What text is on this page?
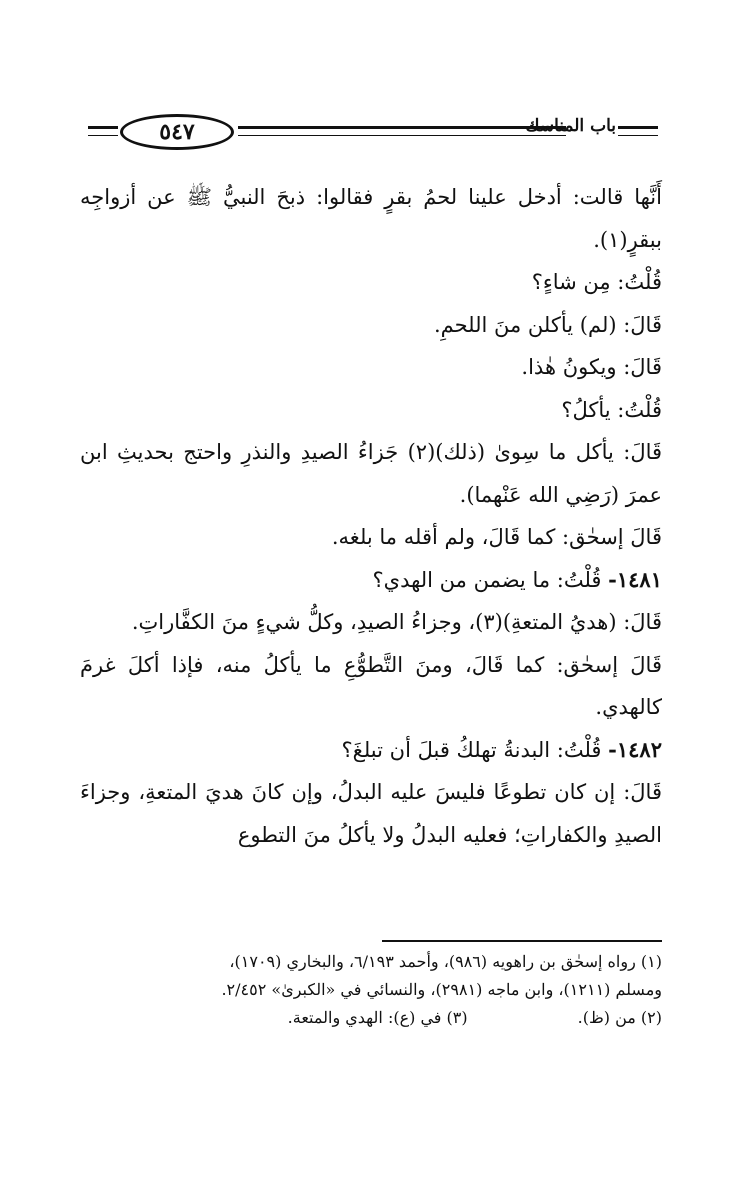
٥٤٧	باب المناسك

أَنَّها قالت: أدخل علينا لحمُ بقرٍ فقالوا: ذبحَ النبيُّ ﷺ عن أزواجِه ببقرٍ(١).

قُلْتُ: مِن شاءٍ؟

قَالَ: (لم) يأكلن منَ اللحمِ.

قَالَ: ويكونُ هٰذا.

قُلْتُ: يأكلُ؟

قَالَ: يأكل ما سِوىٰ (ذلك)(٢) جَزاءُ الصيدِ والنذرِ واحتج بحديثِ ابن عمرَ (رَضِي الله عَنْهما).

قَالَ إسحٰق: كما قَالَ، ولم أقله ما بلغه.

١٤٨١- قُلْتُ: ما يضمن من الهدي؟

قَالَ: (هديُ المتعةِ)(٣)، وجزاءُ الصيدِ، وكلُّ شيءٍ منَ الكفَّاراتِ.

قَالَ إسحٰق: كما قَالَ، ومنَ التَّطوُّعِ ما يأكلُ منه، فإذا أكلَ غرمَ كالهدي.

١٤٨٢- قُلْتُ: البدنةُ تهلكُ قبلَ أن تبلغَ؟

قَالَ: إن كان تطوعًا فليسَ عليه البدلُ، وإن كانَ هديَ المتعةِ، وجزاءَ الصيدِ والكفاراتِ؛ فعليه البدلُ ولا يأكلُ منَ التطوع

(١) رواه إسحٰق بن راهويه (٩٨٦)، وأحمد ٦/١٩٣، والبخاري (١٧٠٩)،

ومسلم (١٢١١)، وابن ماجه (٢٩٨١)، والنسائي في «الكبرىٰ» ٢/٤٥٢.

(٢) من (ظ).(٣) في (ع): الهدي والمتعة.
